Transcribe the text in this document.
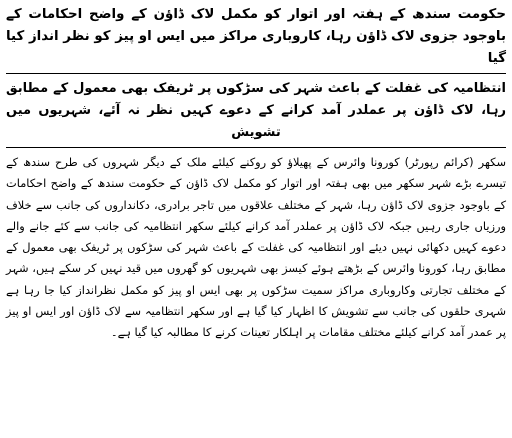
حکومت سندھ کے ہفتہ اور اتوار کو مکمل لاک ڈاؤن کے واضح احکامات کے باوجود جزوی لاک ڈاؤن رہا، کاروباری مراکز میں ایس او پیز کو نظر انداز کیا گیا
انتظامیہ کی غفلت کے باعث شہر کی سڑکوں پر ٹریفک بھی معمول کے مطابق رہا، لاک ڈاؤن پر عملدر آمد کرانے کے دعوے کہیں نظر نہ آئے، شہریوں میں تشویش

سکھر (کرائم رپورٹر) کورونا وائرس کے پھیلاؤ کو روکنے کیلئے ملک کے دیگر شہروں کی طرح سندھ کے تیسرے بڑے شہر سکھر میں بھی ہفتہ اور اتوار کو مکمل لاک ڈاؤن کے حکومت سندھ کے واضح احکامات کے باوجود جزوی لاک ڈاؤن رہا، شہر کے مختلف علاقوں میں تاجر برادری، دکانداروں کی جانب سے خلاف ورزیاں جاری رہیں جبکہ لاک ڈاؤن پر عملدر آمد کرانے کیلئے سکھر انتظامیہ کی جانب سے کئے جانے والے دعوے کہیں دکھائی نہیں دیئے اور انتظامیہ کی غفلت کے باعث شہر کی سڑکوں پر ٹریفک بھی معمول کے مطابق رہا، کورونا وائرس کے بڑھتے ہوئے کیسز بھی شہریوں کو گھروں میں قید نہیں کر سکے ہیں، شہر کے مختلف تجارتی وکاروباری مراکز سمیت سڑکوں پر بھی ایس او پیز کو مکمل نظرانداز کیا جا رہا ہے شہری حلقوں کی جانب سے تشویش کا اظہار کیا گیا ہے اور سکھر انتظامیہ سے لاک ڈاؤن اور ایس او پیز پر عمدر آمد کرانے کیلئے مختلف مقامات پر اہلکار تعینات کرنے کا مطالبہ کیا گیا ہے۔
